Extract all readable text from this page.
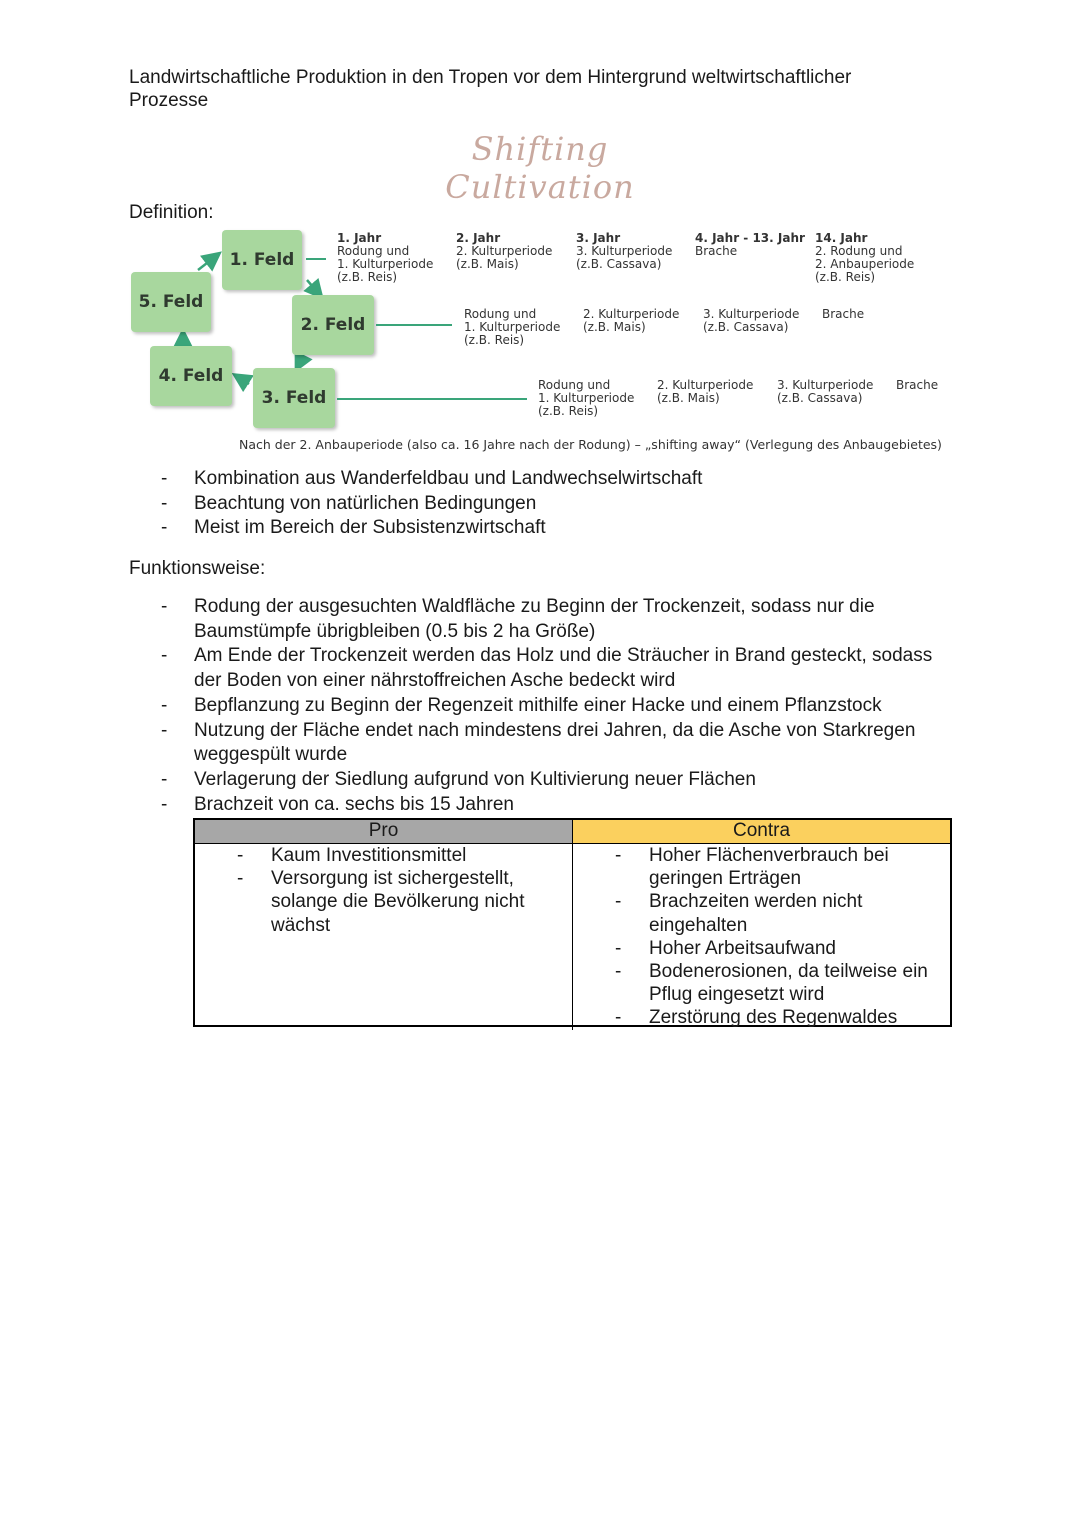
Landwirtschaftliche Produktion in den Tropen vor dem Hintergrund weltwirtschaftlicher Prozesse
Shifting Cultivation
Definition:
1. Feld
2. Feld
3. Feld
4. Feld
5. Feld
1. Jahr
Rodung und
1. Kulturperiode
(z.B. Reis)
2. Jahr
2. Kulturperiode
(z.B. Mais)
3. Jahr
3. Kulturperiode
(z.B. Cassava)
4. Jahr - 13. Jahr
Brache
14. Jahr
2. Rodung und
2. Anbauperiode
(z.B. Reis)
Rodung und
1. Kulturperiode
(z.B. Reis)
2. Kulturperiode
(z.B. Mais)
3. Kulturperiode
(z.B. Cassava)
Brache
Rodung und
1. Kulturperiode
(z.B. Reis)
2. Kulturperiode
(z.B. Mais)
3. Kulturperiode
(z.B. Cassava)
Brache
Nach der 2. Anbauperiode (also ca. 16 Jahre nach der Rodung) – „shifting away“ (Verlegung des Anbaugebietes)
- Kombination aus Wanderfeldbau und Landwechselwirtschaft
- Beachtung von natürlichen Bedingungen
- Meist im Bereich der Subsistenzwirtschaft
Funktionsweise:
- Rodung der ausgesuchten Waldfläche zu Beginn der Trockenzeit, sodass nur die Baumstümpfe übrigbleiben (0.5 bis 2 ha Größe)
- Am Ende der Trockenzeit werden das Holz und die Sträucher in Brand gesteckt, sodass der Boden von einer nährstoffreichen Asche bedeckt wird
- Bepflanzung zu Beginn der Regenzeit mithilfe einer Hacke und einem Pflanzstock
- Nutzung der Fläche endet nach mindestens drei Jahren, da die Asche von Starkregen weggespült wurde
- Verlagerung der Siedlung aufgrund von Kultivierung neuer Flächen
- Brachzeit von ca. sechs bis 15 Jahren
Pro	Contra
- Kaum Investitionsmittel
- Versorgung ist sichergestellt, solange die Bevölkerung nicht wächst
- Hoher Flächenverbrauch bei geringen Erträgen
- Brachzeiten werden nicht eingehalten
- Hoher Arbeitsaufwand
- Bodenerosionen, da teilweise ein Pflug eingesetzt wird
- Zerstörung des Regenwaldes
